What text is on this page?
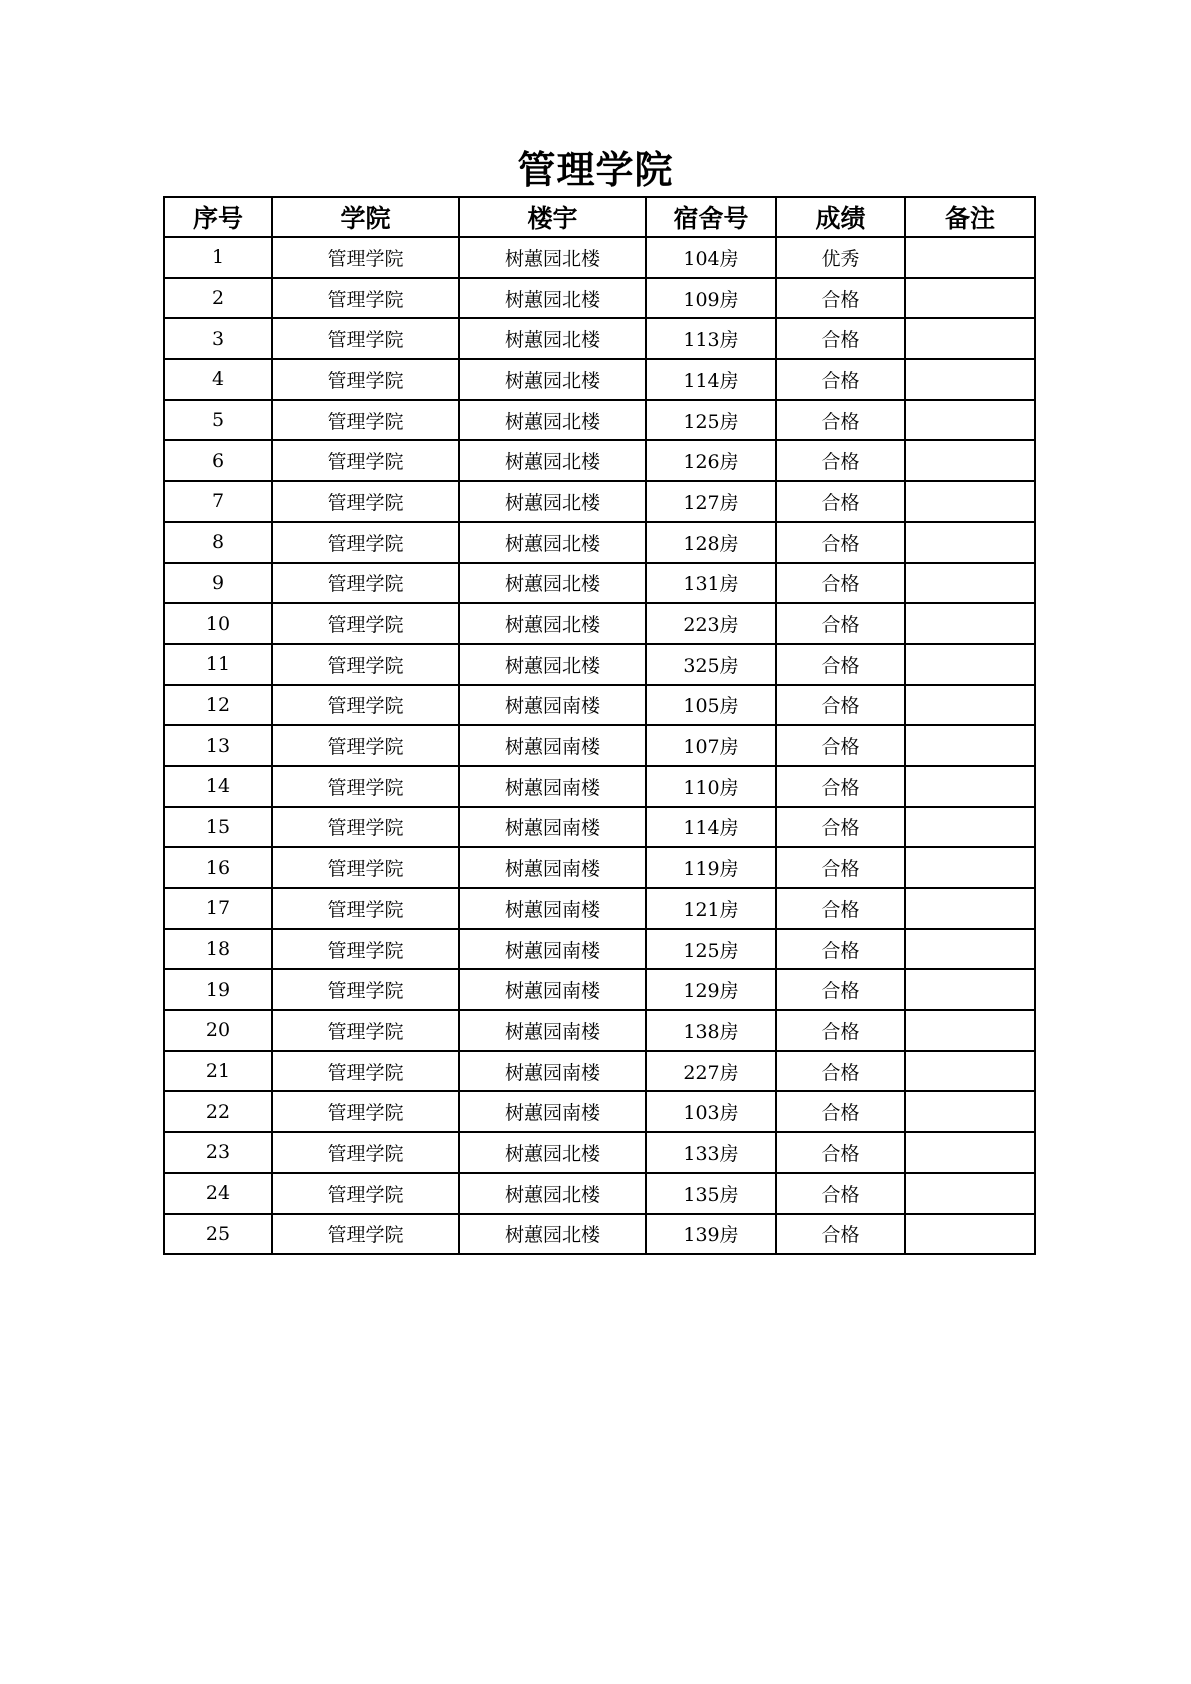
管理学院
序号	学院	楼宇	宿舍号	成绩	备注
1	管理学院	树蕙园北楼	104房	优秀	
2	管理学院	树蕙园北楼	109房	合格	
3	管理学院	树蕙园北楼	113房	合格	
4	管理学院	树蕙园北楼	114房	合格	
5	管理学院	树蕙园北楼	125房	合格	
6	管理学院	树蕙园北楼	126房	合格	
7	管理学院	树蕙园北楼	127房	合格	
8	管理学院	树蕙园北楼	128房	合格	
9	管理学院	树蕙园北楼	131房	合格	
10	管理学院	树蕙园北楼	223房	合格	
11	管理学院	树蕙园北楼	325房	合格	
12	管理学院	树蕙园南楼	105房	合格	
13	管理学院	树蕙园南楼	107房	合格	
14	管理学院	树蕙园南楼	110房	合格	
15	管理学院	树蕙园南楼	114房	合格	
16	管理学院	树蕙园南楼	119房	合格	
17	管理学院	树蕙园南楼	121房	合格	
18	管理学院	树蕙园南楼	125房	合格	
19	管理学院	树蕙园南楼	129房	合格	
20	管理学院	树蕙园南楼	138房	合格	
21	管理学院	树蕙园南楼	227房	合格	
22	管理学院	树蕙园南楼	103房	合格	
23	管理学院	树蕙园北楼	133房	合格	
24	管理学院	树蕙园北楼	135房	合格	
25	管理学院	树蕙园北楼	139房	合格	
